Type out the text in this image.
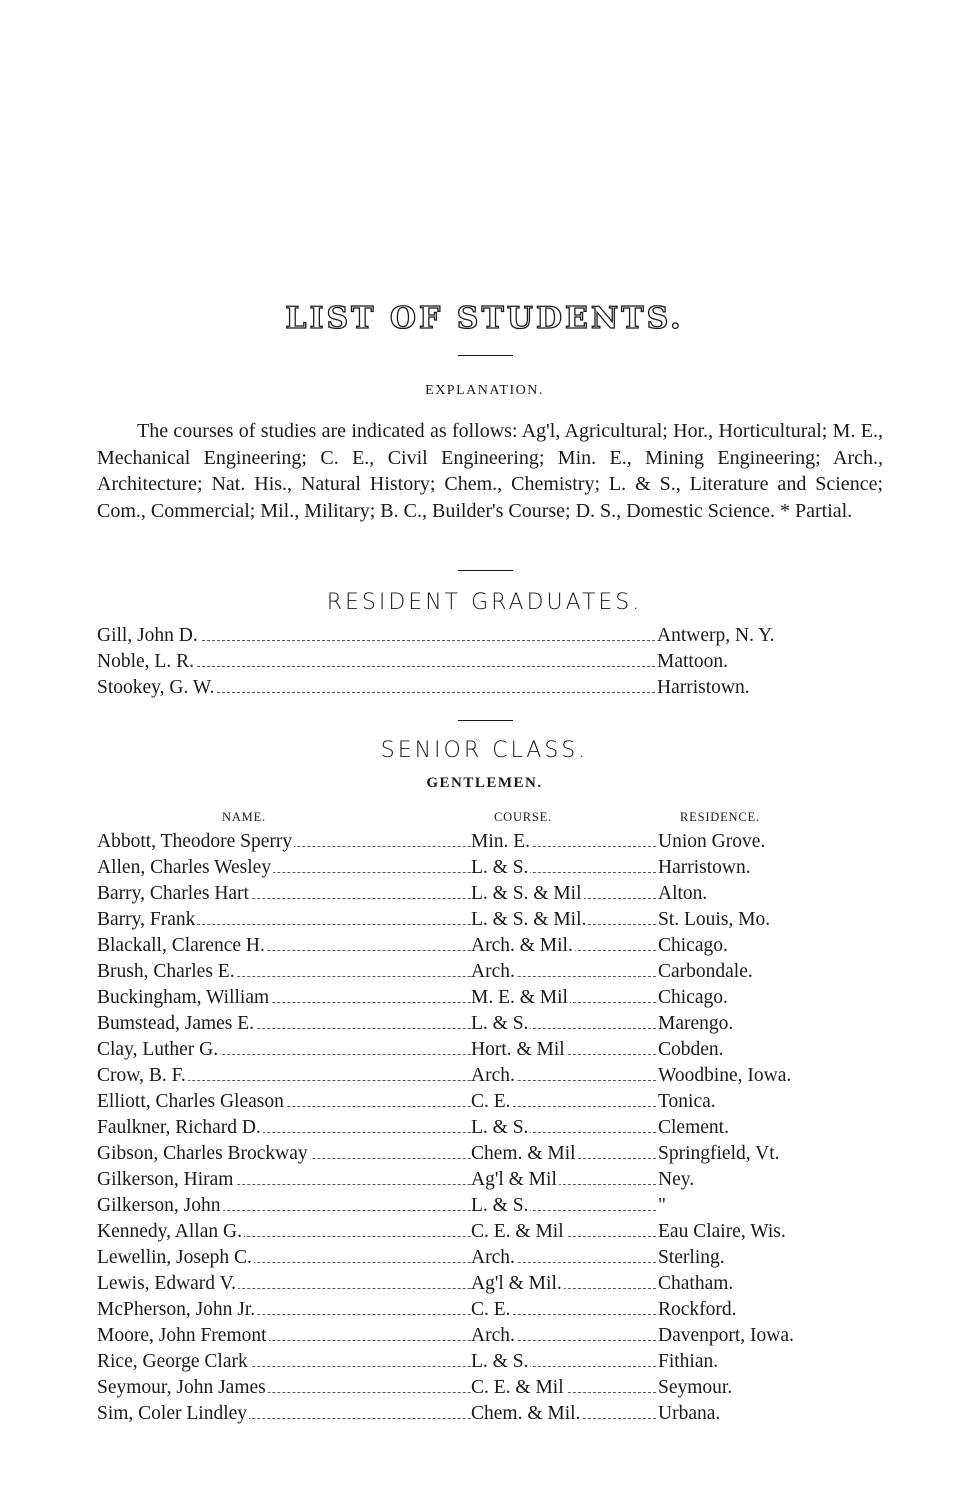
LIST OF STUDENTS.
EXPLANATION.
The courses of studies are indicated as follows: Ag'l, Agricultural; Hor., Horticultural; M. E., Mechanical Engineering; C. E., Civil Engineering; Min. E., Mining Engineering; Arch., Architecture; Nat. His., Natural History; Chem., Chemistry; L. & S., Literature and Science; Com., Commercial; Mil., Military; B. C., Builder's Course; D. S., Domestic Science. * Partial.
RESIDENT GRADUATES.
Gill, John D.	Antwerp, N. Y.
Noble, L. R.	Mattoon.
Stookey, G. W.	Harristown.
SENIOR CLASS.
GENTLEMEN.
NAME.	COURSE.	RESIDENCE.
Abbott, Theodore Sperry	Min. E.	Union Grove.
Allen, Charles Wesley	L. & S.	Harristown.
Barry, Charles Hart	L. & S. & Mil	Alton.
Barry, Frank	L. & S. & Mil.	St. Louis, Mo.
Blackall, Clarence H.	Arch. & Mil.	Chicago.
Brush, Charles E.	Arch.	Carbondale.
Buckingham, William	M. E. & Mil	Chicago.
Bumstead, James E.	L. & S.	Marengo.
Clay, Luther G.	Hort. & Mil	Cobden.
Crow, B. F.	Arch.	Woodbine, Iowa.
Elliott, Charles Gleason	C. E.	Tonica.
Faulkner, Richard D.	L. & S.	Clement.
Gibson, Charles Brockway	Chem. & Mil	Springfield, Vt.
Gilkerson, Hiram	Ag'l & Mil	Ney.
Gilkerson, John	L. & S.	"
Kennedy, Allan G.	C. E. & Mil	Eau Claire, Wis.
Lewellin, Joseph C.	Arch.	Sterling.
Lewis, Edward V.	Ag'l & Mil.	Chatham.
McPherson, John Jr.	C. E.	Rockford.
Moore, John Fremont	Arch.	Davenport, Iowa.
Rice, George Clark	L. & S.	Fithian.
Seymour, John James	C. E. & Mil	Seymour.
Sim, Coler Lindley	Chem. & Mil.	Urbana.
